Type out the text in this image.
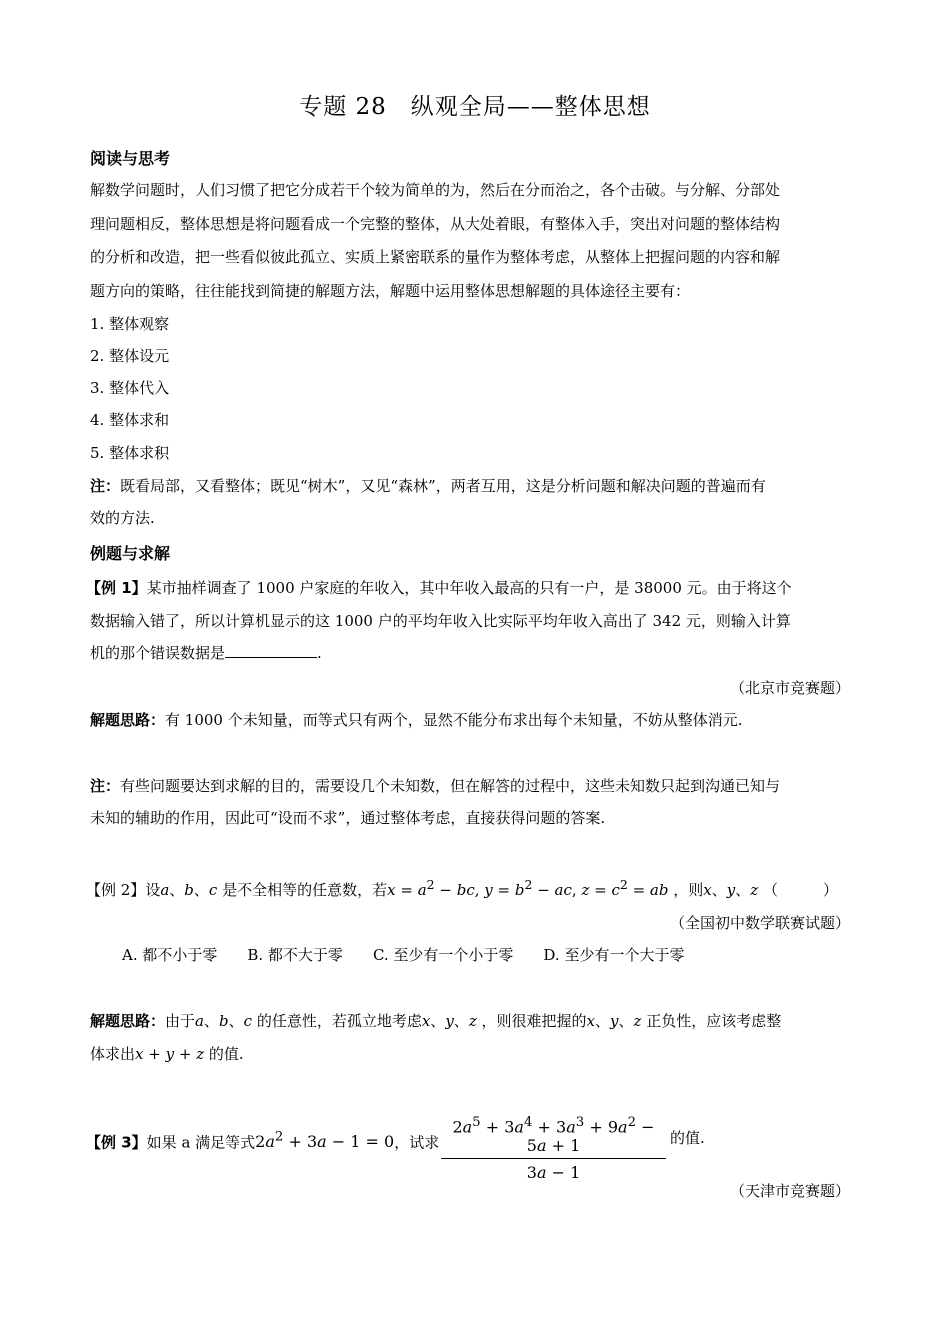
专题 28　纵观全局——整体思想
阅读与思考
解数学问题时，人们习惯了把它分成若干个较为简单的为，然后在分而治之，各个击破。与分解、分部处
理问题相反，整体思想是将问题看成一个完整的整体，从大处着眼，有整体入手，突出对问题的整体结构
的分析和改造，把一些看似彼此孤立、实质上紧密联系的量作为整体考虑，从整体上把握问题的内容和解
题方向的策略，往往能找到简捷的解题方法，解题中运用整体思想解题的具体途径主要有：
1. 整体观察
2. 整体设元
3. 整体代入
4. 整体求和
5. 整体求积
注：既看局部，又看整体；既见“树木”，又见“森林”，两者互用，这是分析问题和解决问题的普遍而有
效的方法.
例题与求解
【例 1】某市抽样调查了 1000 户家庭的年收入，其中年收入最高的只有一户，是 38000 元。由于将这个
数据输入错了，所以计算机显示的这 1000 户的平均年收入比实际平均年收入高出了 342 元，则输入计算
机的那个错误数据是	.
（北京市竞赛题）
解题思路：有 1000 个未知量，而等式只有两个，显然不能分布求出每个未知量，不妨从整体消元.
注：有些问题要达到求解的目的，需要设几个未知数，但在解答的过程中，这些未知数只起到沟通已知与
未知的辅助的作用，因此可“设而不求”，通过整体考虑，直接获得问题的答案.
【例 2】设a、b、c 是不全相等的任意数，若$x = a^2$ − bc, $y = b^2$ − ac, $z = c^2$ = ab ，则x、y、z （　　　）
（全国初中数学联赛试题）
A. 都不小于零 B. 都不大于零 C. 至少有一个小于零 D. 至少有一个大于零
解题思路：由于a、b、c 的任意性，若孤立地考虑x、y、z ，则很难把握的x、y、z 正负性，应该考虑整
体求出x + y + z 的值.
【例 3】如果 a 满足等式$2a^2 + 3a - 1 = 0$，试求 $\frac{2a^5 + 3a^4 + 3a^3 + 9a^2 - 5a + 1}{3a - 1}$ 的值.
（天津市竞赛题）
